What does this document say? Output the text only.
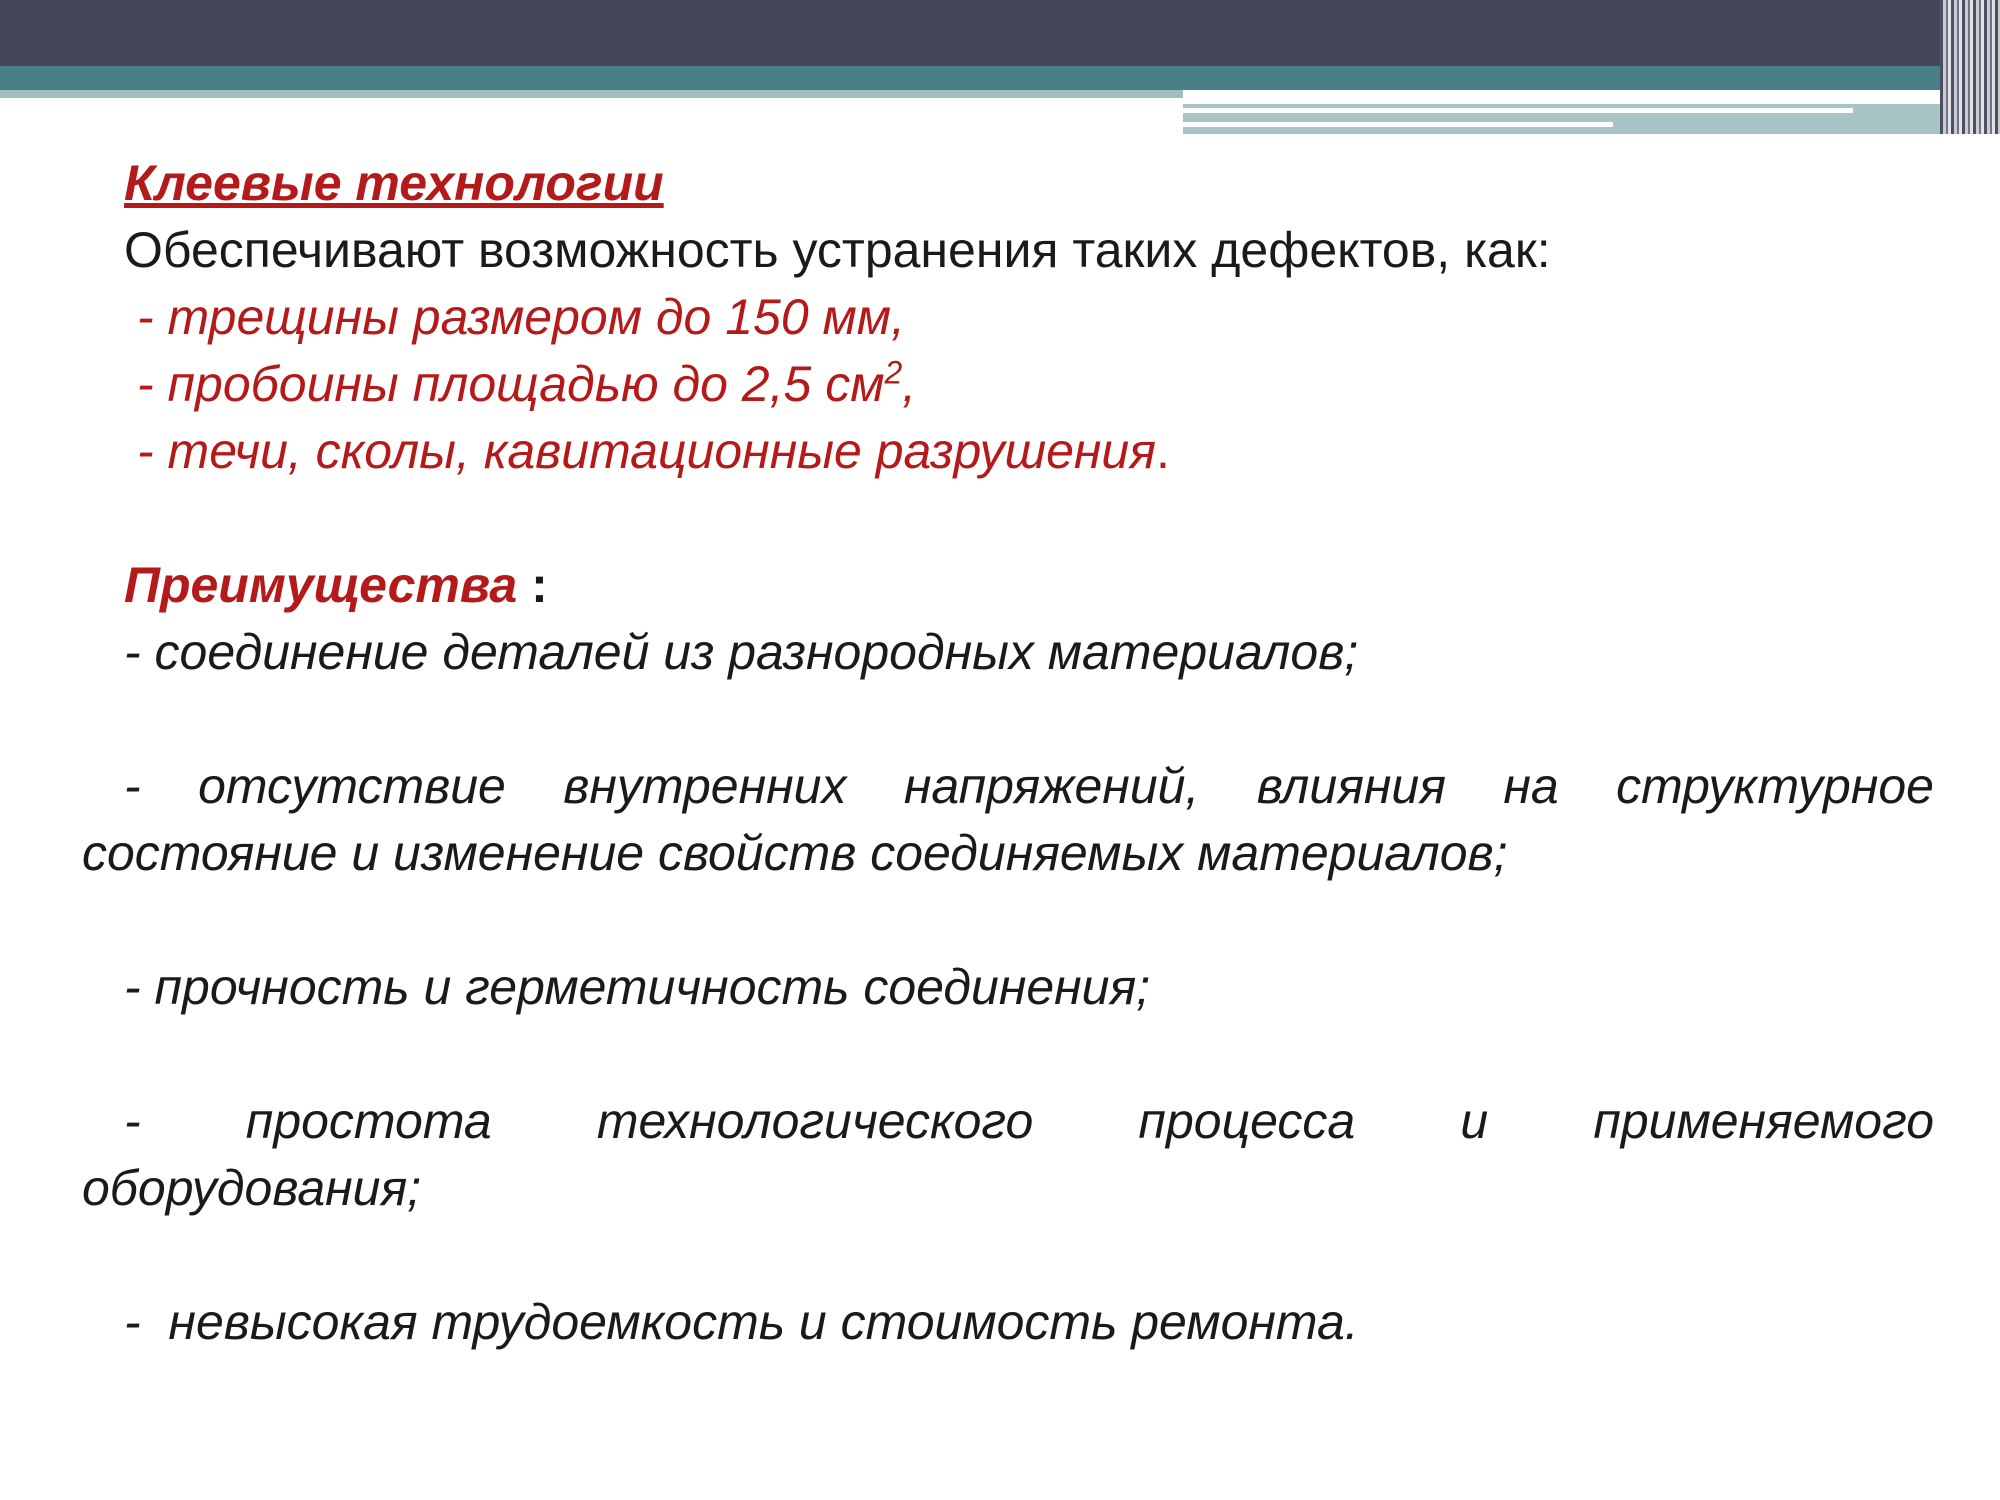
Клеевые технологии
Обеспечивают возможность устранения таких дефектов, как:
- трещины размером до 150 мм,
- пробоины площадью до 2,5 $см^2$,
- течи, сколы, кавитационные разрушения.
Преимущества :
- соединение деталей из разнородных материалов;
- отсутствие внутренних напряжений, влияния на структурное
состояние и изменение свойств соединяемых материалов;
- прочность и герметичность соединения;
- простота технологического процесса и применяемого
оборудования;
-  невысокая трудоемкость и стоимость ремонта.
